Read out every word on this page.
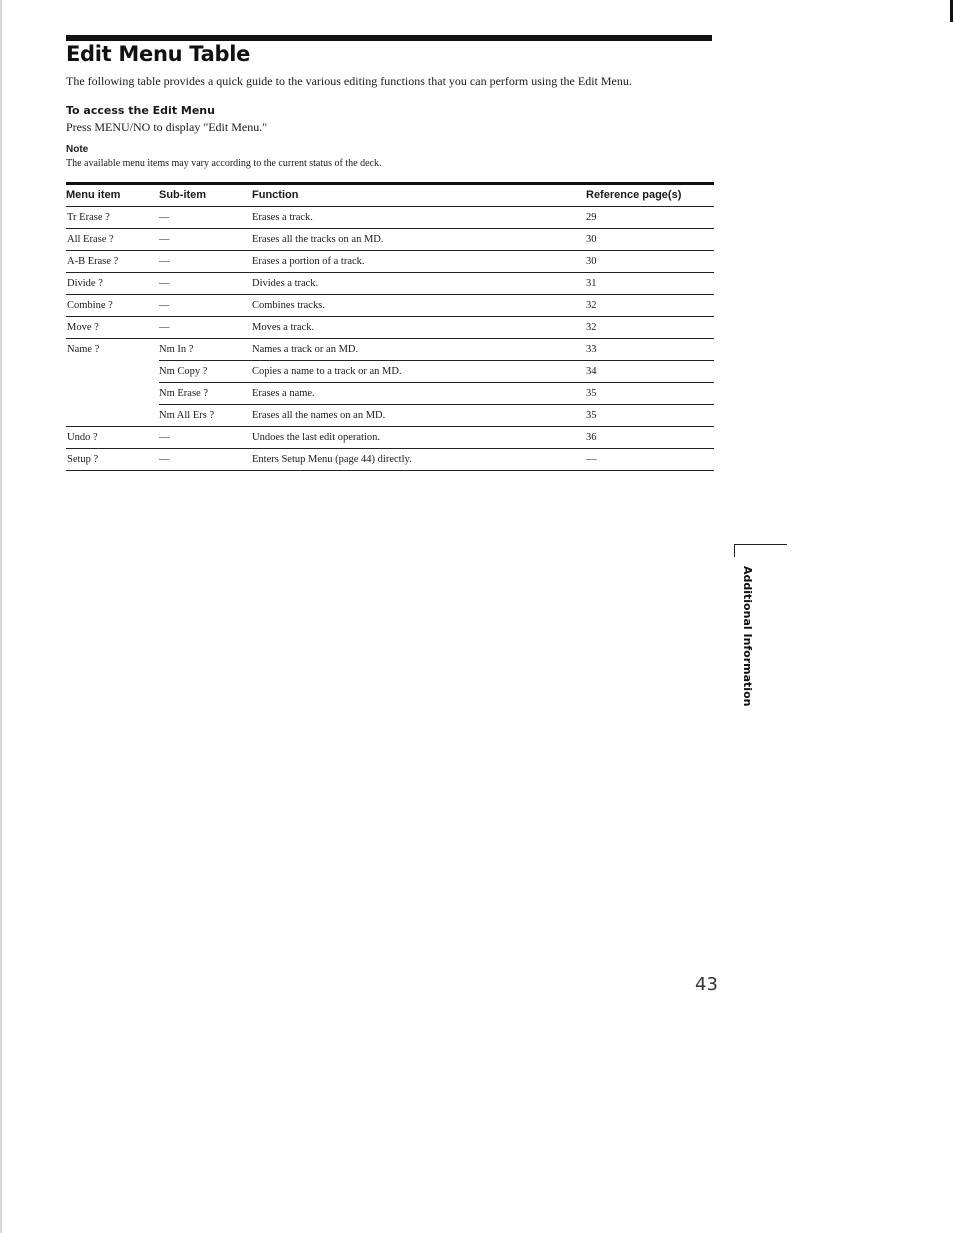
Edit Menu Table

The following table provides a quick guide to the various editing functions that you can perform using the Edit Menu.

To access the Edit Menu

Press MENU/NO to display "Edit Menu."

Note

The available menu items may vary according to the current status of the deck.

Menu item	Sub-item	Function	Reference page(s)
Tr Erase ?	—	Erases a track.	29
All Erase ?	—	Erases all the tracks on an MD.	30
A-B Erase ?	—	Erases a portion of a track.	30
Divide ?	—	Divides a track.	31
Combine ?	—	Combines tracks.	32
Move ?	—	Moves a track.	32
Name ?	Nm In ?	Names a track or an MD.	33
	Nm Copy ?	Copies a name to a track or an MD.	34
	Nm Erase ?	Erases a name.	35
	Nm All Ers ?	Erases all the names on an MD.	35
Undo ?	—	Undoes the last edit operation.	36
Setup ?	—	Enters Setup Menu (page 44) directly.	—

Additional Information

43
